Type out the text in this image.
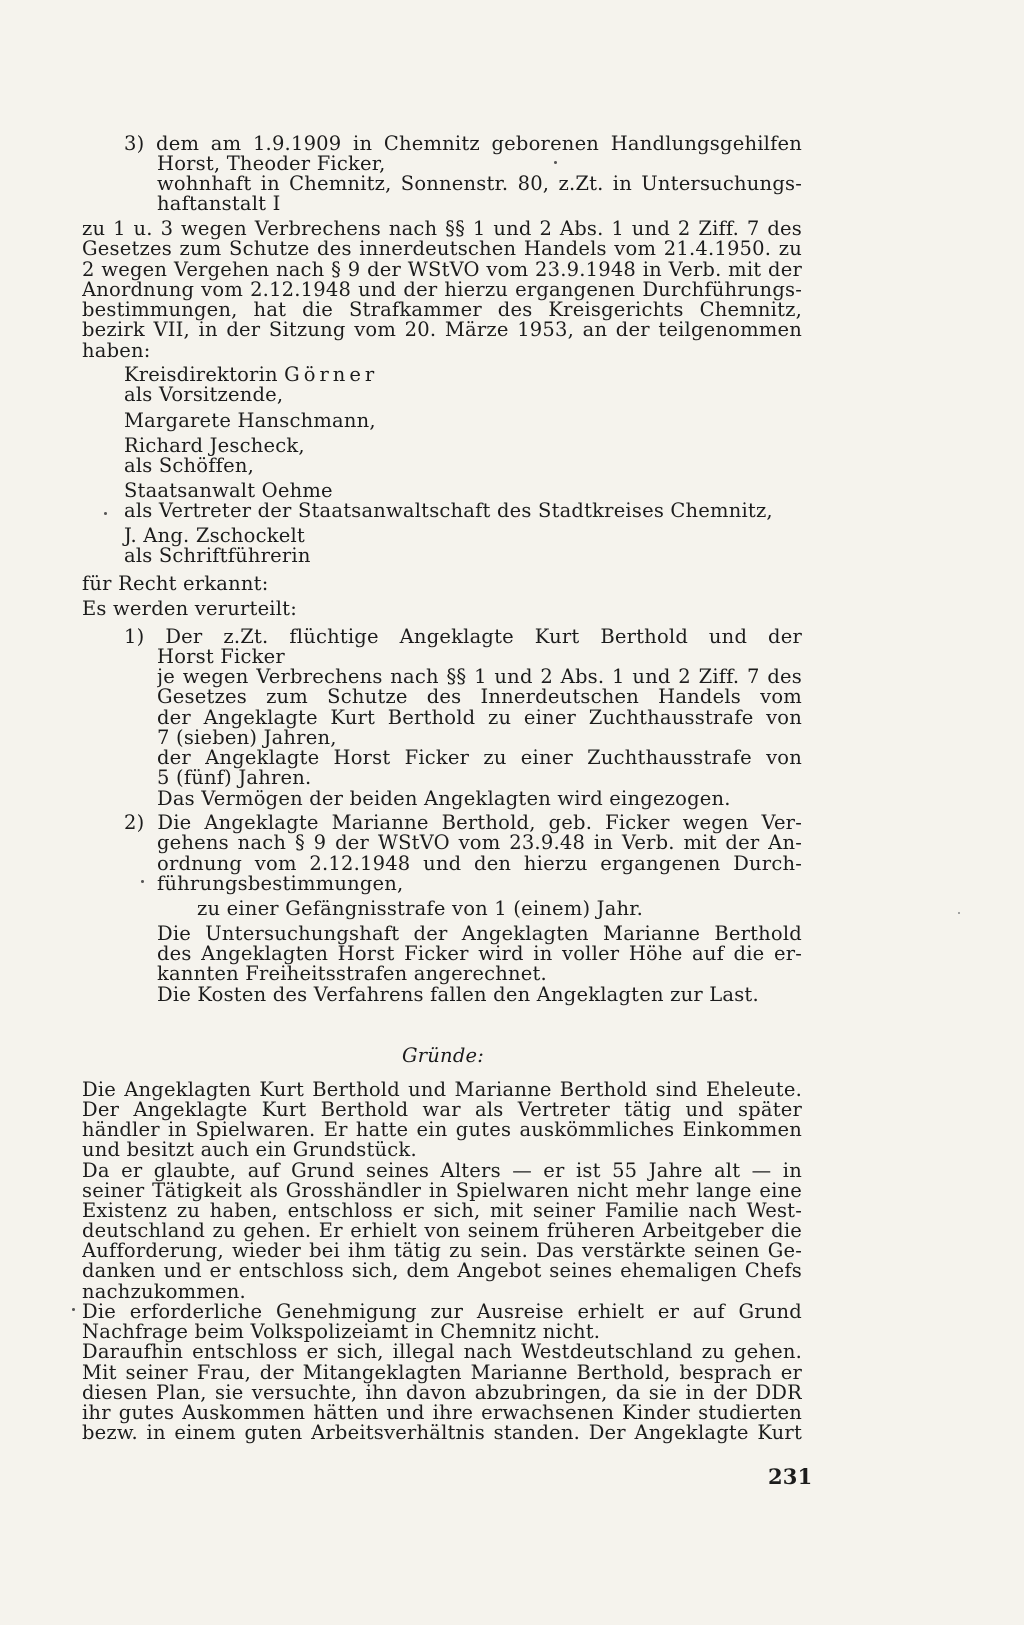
3) dem am 1.9.1909 in Chemnitz geborenen Handlungsgehilfen
Horst, Theoder Ficker,
wohnhaft in Chemnitz, Sonnenstr. 80, z.Zt. in Untersuchungs-
haftanstalt I
zu 1 u. 3 wegen Verbrechens nach §§ 1 und 2 Abs. 1 und 2 Ziff. 7 des
Gesetzes zum Schutze des innerdeutschen Handels vom 21.4.1950. zu
2 wegen Vergehen nach § 9 der WStVO vom 23.9.1948 in Verb. mit der
Anordnung vom 2.12.1948 und der hierzu ergangenen Durchführungs-
bestimmungen, hat die Strafkammer des Kreisgerichts Chemnitz,
bezirk VII, in der Sitzung vom 20. Märze 1953, an der teilgenommen
haben:
Kreisdirektorin Görner
als Vorsitzende,
Margarete Hanschmann,
Richard Jescheck,
als Schöffen,
Staatsanwalt Oehme
als Vertreter der Staatsanwaltschaft des Stadtkreises Chemnitz,
J. Ang. Zschockelt
als Schriftführerin
für Recht erkannt:
Es werden verurteilt:
1) Der z.Zt. flüchtige Angeklagte Kurt Berthold und der
Horst Ficker
je wegen Verbrechens nach §§ 1 und 2 Abs. 1 und 2 Ziff. 7 des
Gesetzes zum Schutze des Innerdeutschen Handels vom
der Angeklagte Kurt Berthold zu einer Zuchthausstrafe von
7 (sieben) Jahren,
der Angeklagte Horst Ficker zu einer Zuchthausstrafe von
5 (fünf) Jahren.
Das Vermögen der beiden Angeklagten wird eingezogen.
2) Die Angeklagte Marianne Berthold, geb. Ficker wegen Ver-
gehens nach § 9 der WStVO vom 23.9.48 in Verb. mit der An-
ordnung vom 2.12.1948 und den hierzu ergangenen Durch-
führungsbestimmungen,
zu einer Gefängnisstrafe von 1 (einem) Jahr.
Die Untersuchungshaft der Angeklagten Marianne Berthold
des Angeklagten Horst Ficker wird in voller Höhe auf die er-
kannten Freiheitsstrafen angerechnet.
Die Kosten des Verfahrens fallen den Angeklagten zur Last.
Gründe:
Die Angeklagten Kurt Berthold und Marianne Berthold sind Eheleute.
Der Angeklagte Kurt Berthold war als Vertreter tätig und später
händler in Spielwaren. Er hatte ein gutes auskömmliches Einkommen
und besitzt auch ein Grundstück.
Da er glaubte, auf Grund seines Alters — er ist 55 Jahre alt — in
seiner Tätigkeit als Grosshändler in Spielwaren nicht mehr lange eine
Existenz zu haben, entschloss er sich, mit seiner Familie nach West-
deutschland zu gehen. Er erhielt von seinem früheren Arbeitgeber die
Aufforderung, wieder bei ihm tätig zu sein. Das verstärkte seinen Ge-
danken und er entschloss sich, dem Angebot seines ehemaligen Chefs
nachzukommen.
Die erforderliche Genehmigung zur Ausreise erhielt er auf Grund
Nachfrage beim Volkspolizeiamt in Chemnitz nicht.
Daraufhin entschloss er sich, illegal nach Westdeutschland zu gehen.
Mit seiner Frau, der Mitangeklagten Marianne Berthold, besprach er
diesen Plan, sie versuchte, ihn davon abzubringen, da sie in der DDR
ihr gutes Auskommen hätten und ihre erwachsenen Kinder studierten
bezw. in einem guten Arbeitsverhältnis standen. Der Angeklagte Kurt
231
